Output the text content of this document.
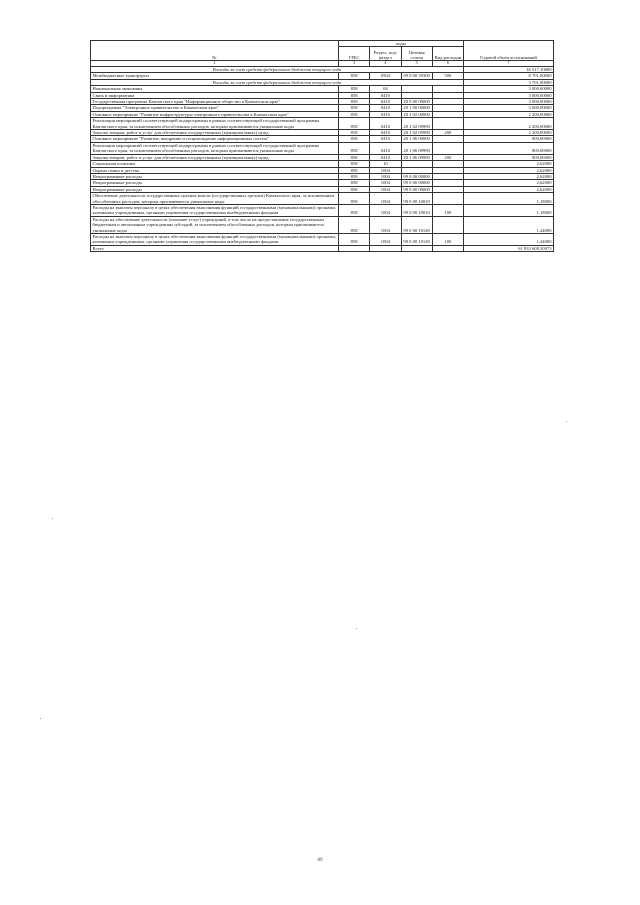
№	коды				Годовой объем ассигнований
	ГРБС	Раздел, под-раздел	Целевая статья	Вид расходов	
2	3	4	5	6	7
Расходы за счет средств федерального бюджета текущего года					16 517,10000
Межбюджетные трансферты	858	0504	99 0 00 59300	500	8 701,00000
Расходы за счет средств федерального бюджета текущего года					3 701,00000
Национальная экономика	858	04			3 000,00000
Связь и информатика	858	0410			3 000,00000
Государственная программа Камчатского края "Информационное общество в Камчатском крае"	858	0410	20 0 00 00000		3 000,00000
Подпрограмма "Электронное правительство в Камчатском крае"	858	0410	20 1 00 00000		3 000,00000
Основное мероприятие "Развитие инфраструктуры электронного правительства в Камчатском крае"	858	0410	20 1 02 00000		2 200,00000
Реализация мероприятий соответствующей подпрограммы в рамках соответствующей государственной программы Камчатского края, за исключением обособленных расходов, которым присваиваются уникальные коды	858	0410	20 1 02 09990		2 200,00000
Закупка товаров, работ и услуг для обеспечения государственных (муниципальных) нужд	858	0410	20 1 02 09990	200	2 200,00000
Основное мероприятие "Развитие, внедрение и сопровождение информационных систем"	858	0410	20 1 06 00000		800,00000
Реализация мероприятий соответствующей подпрограммы в рамках соответствующей государственной программы Камчатского края, за исключением обособленных расходов, которым присваиваются уникальные коды	858	0410	20 1 06 09990		800,00000
Закупка товаров, работ и услуг для обеспечения государственных (муниципальных) нужд	858	0410	20 1 06 09990	200	800,00000
Социальная политика	858	10			2,62000
Охрана семьи и детства	858	1004			2,62000
Непрограммные расходы	858	1004	99 0 00 00000		2,62000
Непрограммные расходы	858	1004	99 0 00 00000		2,62000
Непрограммные расходы	858	1004	99 0 00 00000		2,62000
Обеспечение деятельности государственных органов власти (государственных органов) Камчатского края, за исключением обособленных расходов, которым присваиваются уникальные коды	858	1004	99 0 00 10010		1,18000
Расходы на выплаты персоналу в целях обеспечения выполнения функций государственными (муниципальными) органами, казенными учреждениями, органами управления государственными внебюджетными фондами	858	1004	99 0 00 10010	100	1,18000
Расходы на обеспечение деятельности (оказание услуг) учреждений, в том числе на предоставление государственным бюджетным и автономным учреждениям субсидий, за исключением обособленных расходов, которым присваиваются уникальные коды	858	1004	99 0 00 10140		1,44000
Расходы на выплаты персоналу в целях обеспечения выполнения функций государственными (муниципальными) органами, казенными учреждениями, органами управления государственными внебюджетными фондами	858	1004	99 0 00 10140	100	1,44000
Всего					61 833 608,30973
89
